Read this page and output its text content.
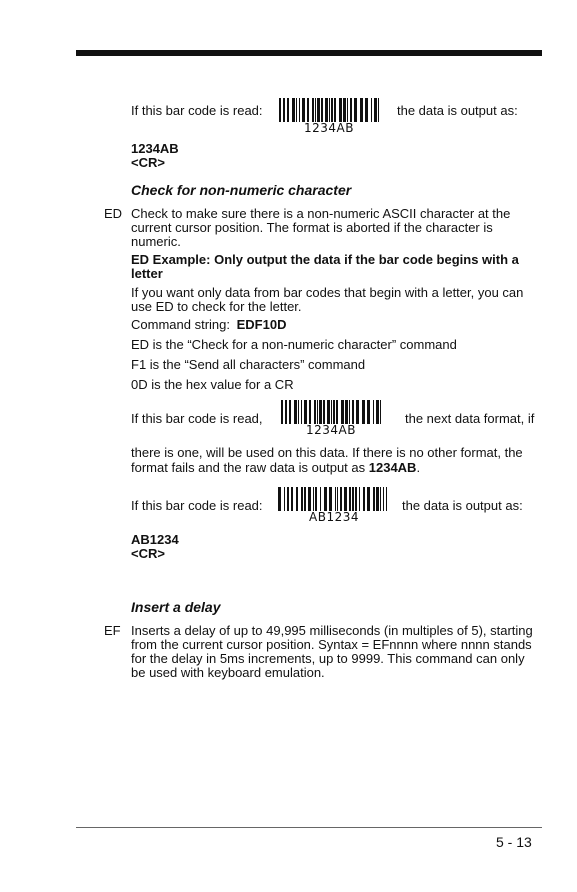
If this bar code is read:
1234AB
the data is output as:
1234AB
<CR>
Check for non-numeric character
ED Check to make sure there is a non-numeric ASCII character at the
current cursor position. The format is aborted if the character is
numeric.
ED Example: Only output the data if the bar code begins with a
letter
If you want only data from bar codes that begin with a letter, you can
use ED to check for the letter.
Command string: EDF10D
ED is the “Check for a non-numeric character” command
F1 is the “Send all characters” command
0D is the hex value for a CR
If this bar code is read,
1234AB
the next data format, if
there is one, will be used on this data. If there is no other format, the
format fails and the raw data is output as 1234AB.
If this bar code is read:
AB1234
the data is output as:
AB1234
<CR>
Insert a delay
EF Inserts a delay of up to 49,995 milliseconds (in multiples of 5), starting
from the current cursor position. Syntax = EFnnnn where nnnn stands
for the delay in 5ms increments, up to 9999. This command can only
be used with keyboard emulation.
5 - 13
